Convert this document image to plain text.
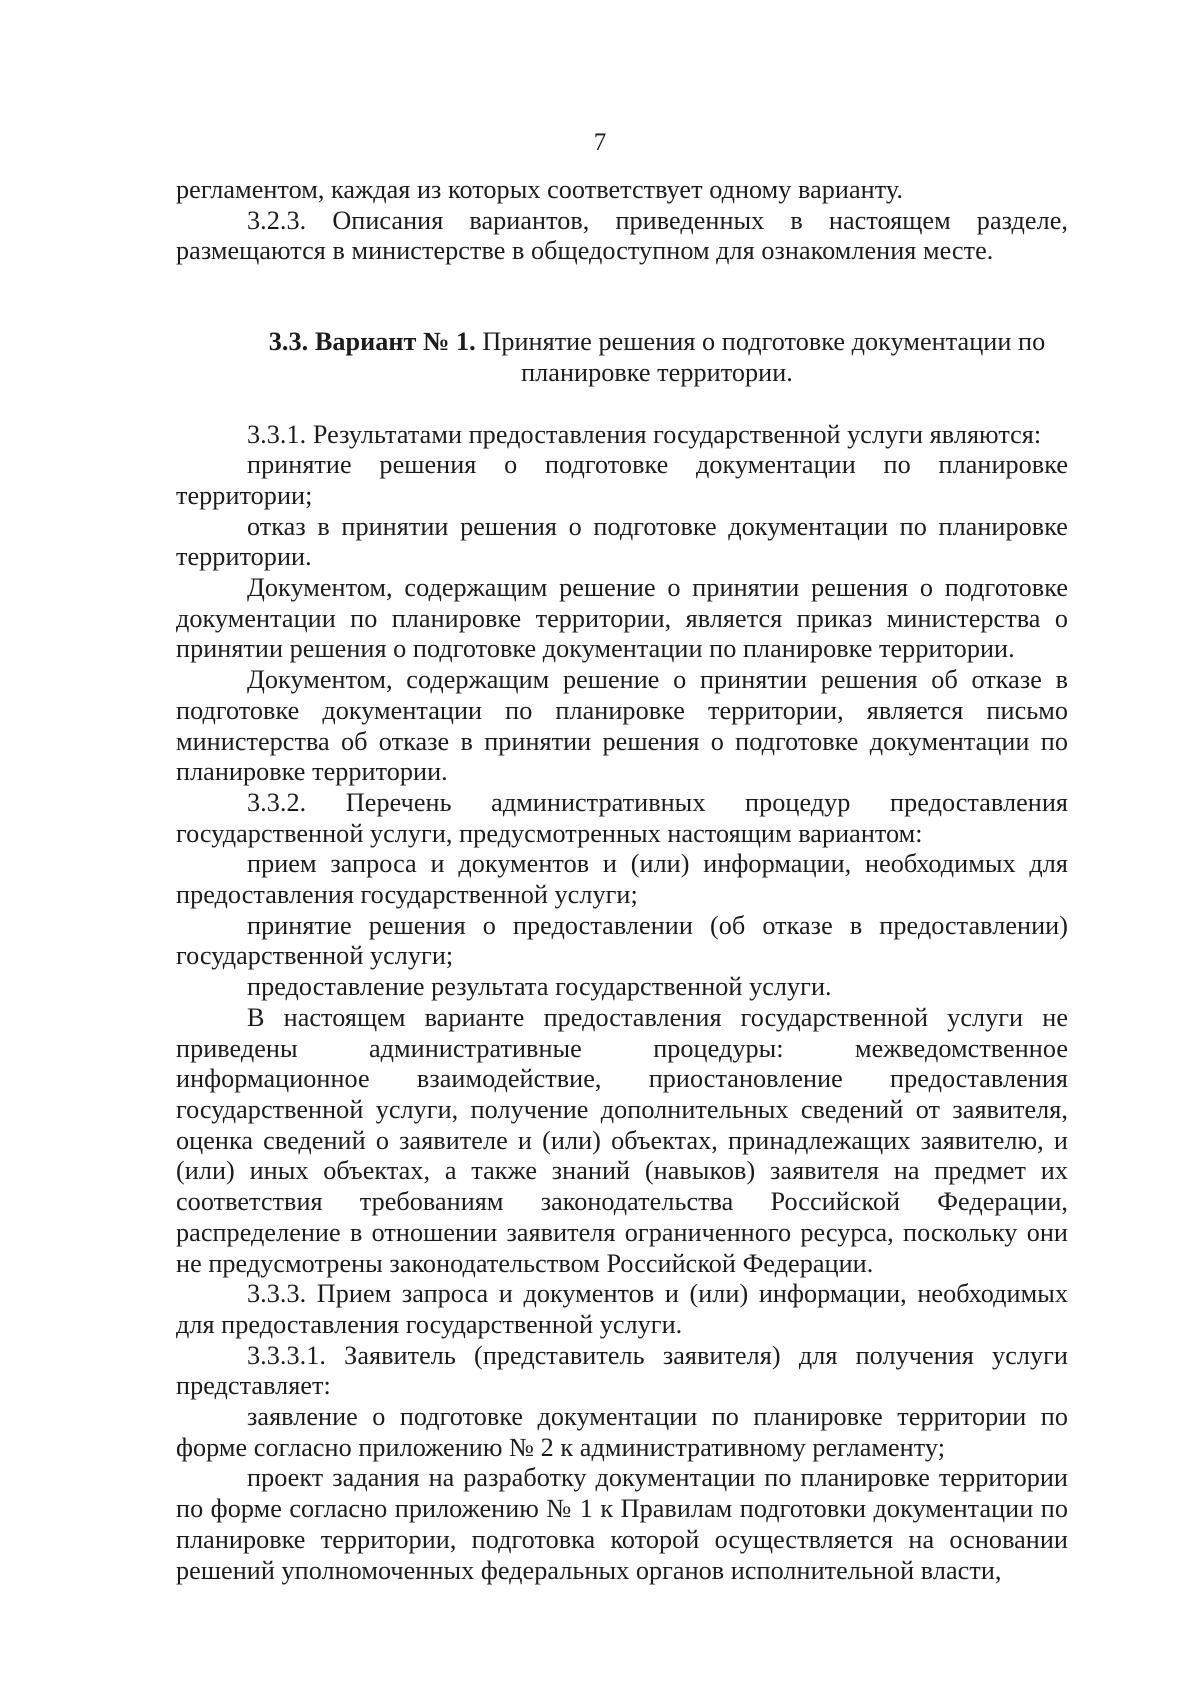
7

регламентом, каждая из которых соответствует одному варианту.

3.2.3. Описания вариантов, приведенных в настоящем разделе, размещаются в министерстве в общедоступном для ознакомления месте.

3.3. Вариант № 1. Принятие решения о подготовке документации по планировке территории.

3.3.1. Результатами предоставления государственной услуги являются:

принятие решения о подготовке документации по планировке территории;

отказ в принятии решения о подготовке документации по планировке территории.

Документом, содержащим решение о принятии решения о подготовке документации по планировке территории, является приказ министерства о принятии решения о подготовке документации по планировке территории.

Документом, содержащим решение о принятии решения об отказе в подготовке документации по планировке территории, является письмо министерства об отказе в принятии решения о подготовке документации по планировке территории.

3.3.2. Перечень административных процедур предоставления государственной услуги, предусмотренных настоящим вариантом:

прием запроса и документов и (или) информации, необходимых для предоставления государственной услуги;

принятие решения о предоставлении (об отказе в предоставлении) государственной услуги;

предоставление результата государственной услуги.

В настоящем варианте предоставления государственной услуги не приведены административные процедуры: межведомственное информационное взаимодействие, приостановление предоставления государственной услуги, получение дополнительных сведений от заявителя, оценка сведений о заявителе и (или) объектах, принадлежащих заявителю, и (или) иных объектах, а также знаний (навыков) заявителя на предмет их соответствия требованиям законодательства Российской Федерации, распределение в отношении заявителя ограниченного ресурса, поскольку они не предусмотрены законодательством Российской Федерации.

3.3.3. Прием запроса и документов и (или) информации, необходимых для предоставления государственной услуги.

3.3.3.1. Заявитель (представитель заявителя) для получения услуги представляет:

заявление о подготовке документации по планировке территории по форме согласно приложению № 2 к административному регламенту;

проект задания на разработку документации по планировке территории по форме согласно приложению № 1 к Правилам подготовки документации по планировке территории, подготовка которой осуществляется на основании решений уполномоченных федеральных органов исполнительной власти,
